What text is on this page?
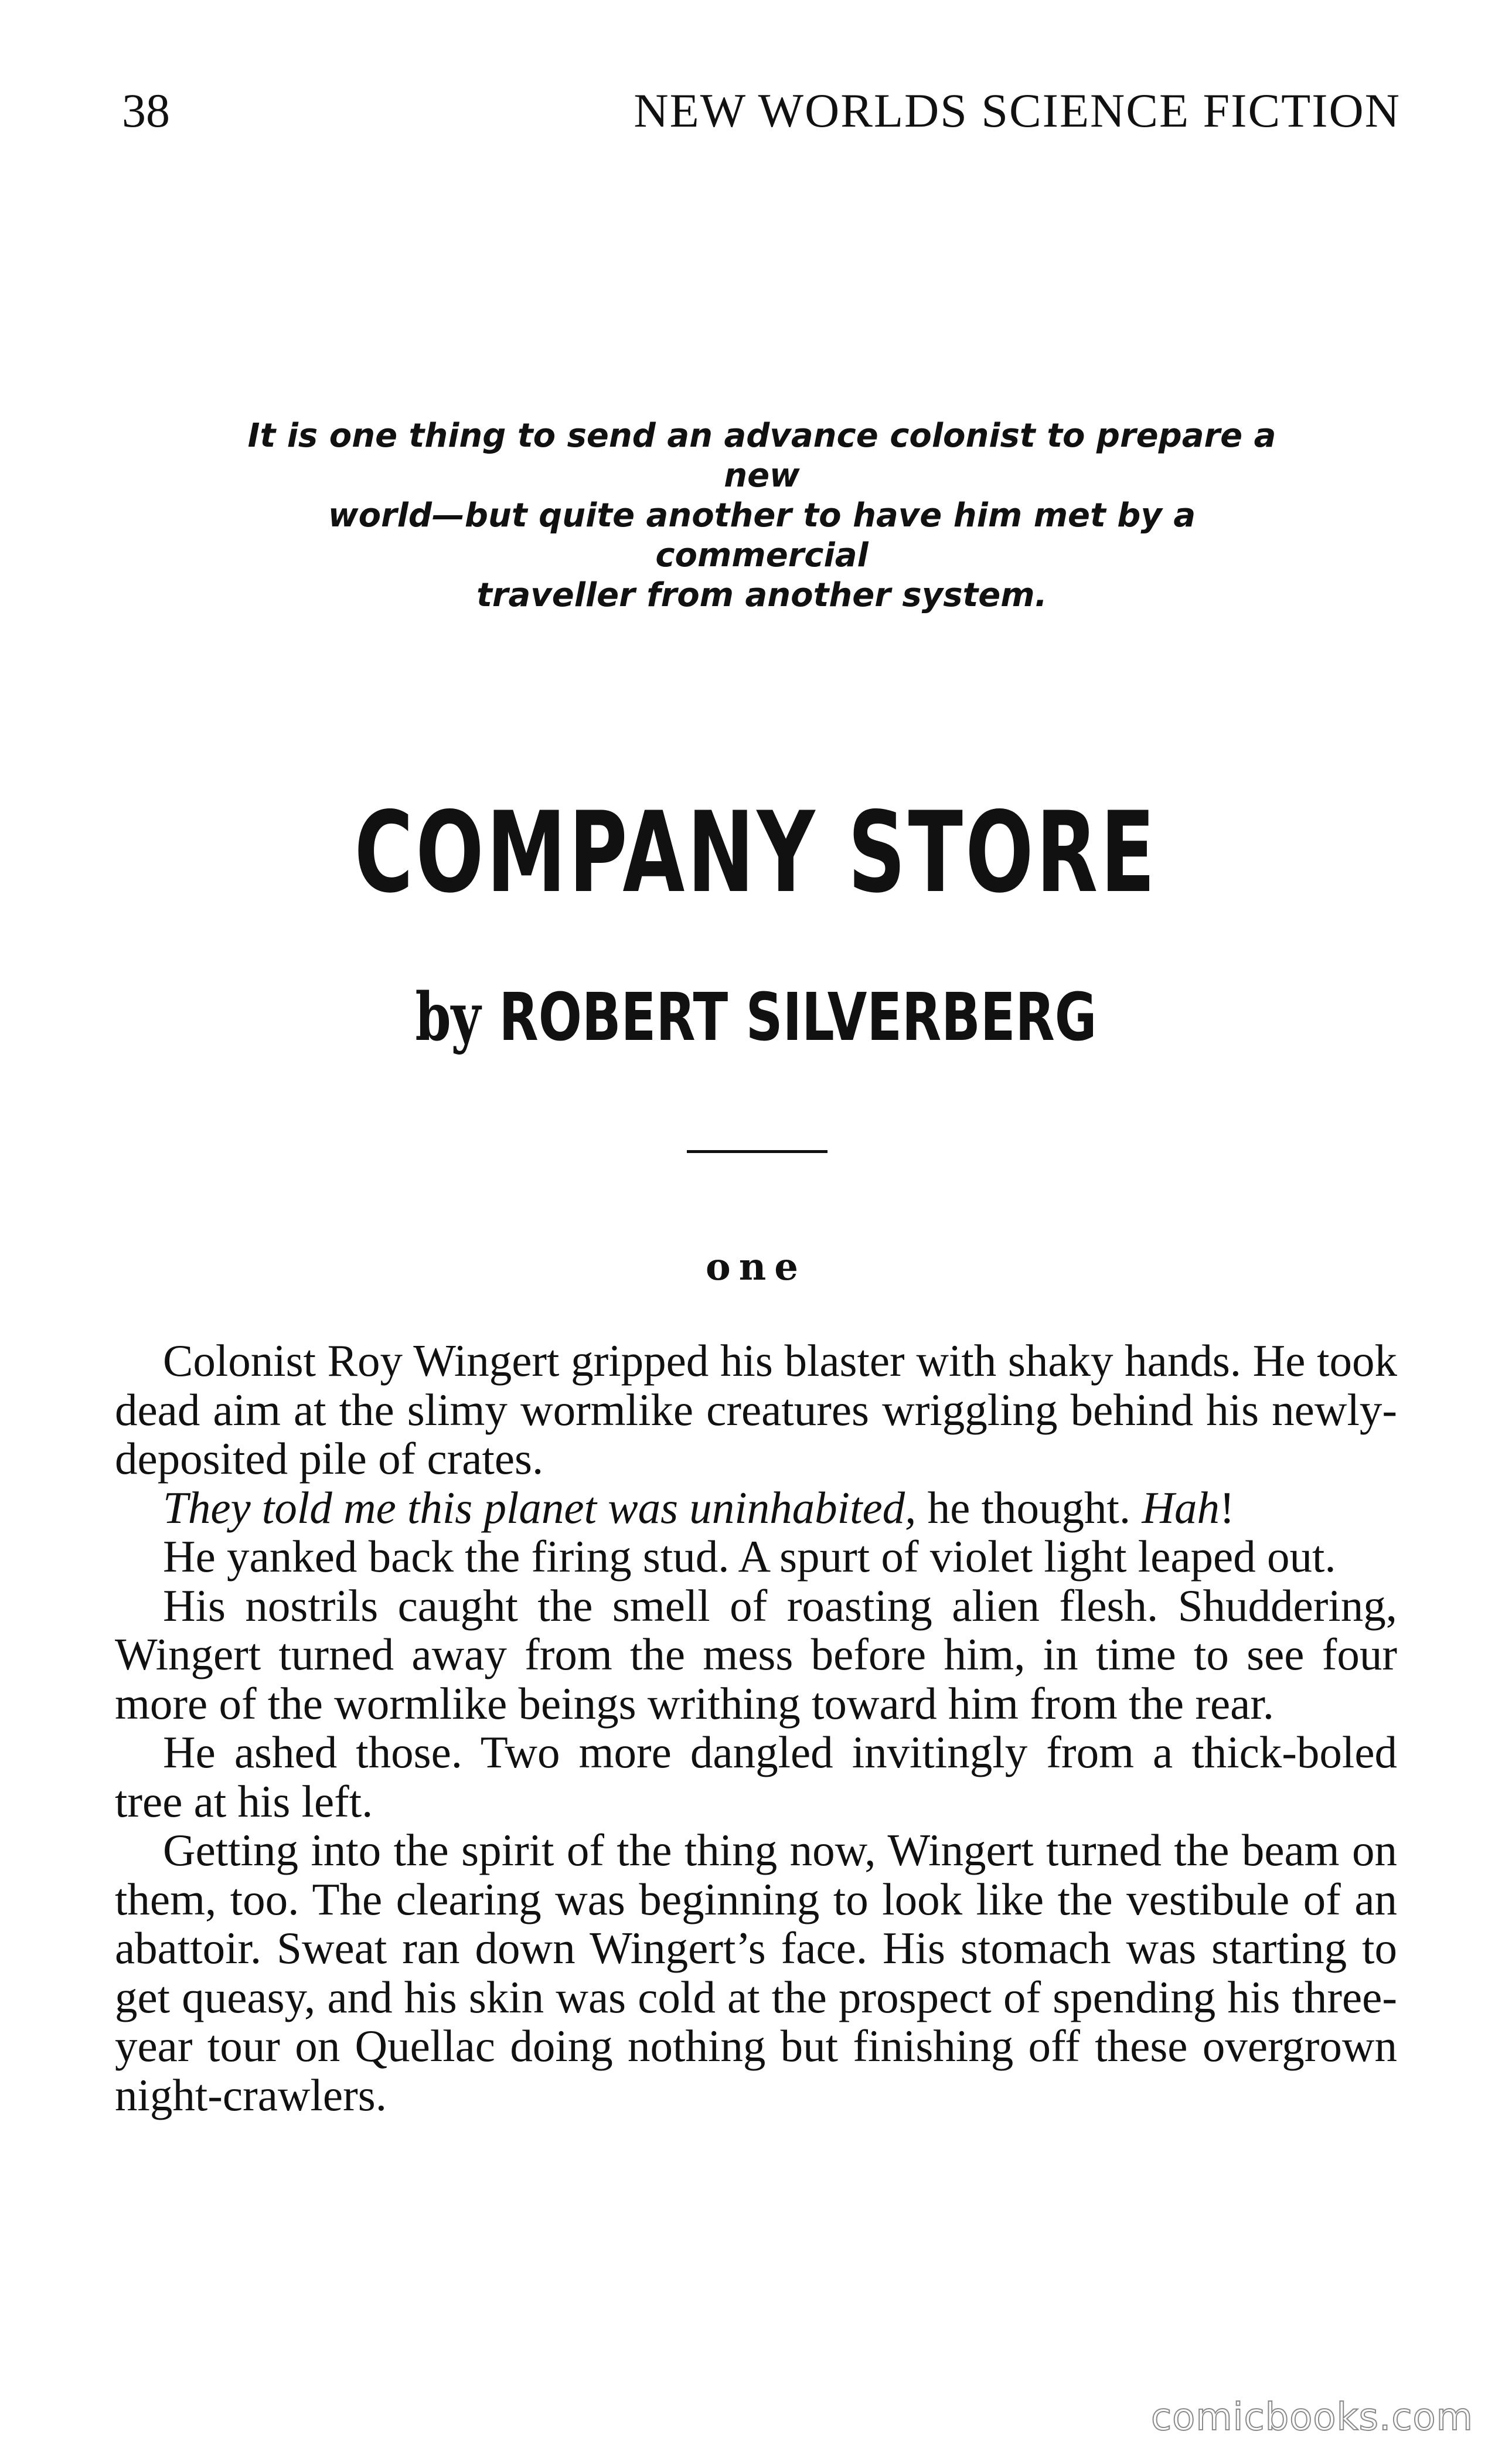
38	NEW WORLDS SCIENCE FICTION
It is one thing to send an advance colonist to prepare a new
world—but quite another to have him met by a commercial
traveller from another system.
COMPANY STORE
by ROBERT SILVERBERG
one

Colonist Roy Wingert gripped his blaster with shaky hands. He took dead aim at the slimy wormlike creatures wriggling behind his newly-deposited pile of crates.

They told me this planet was uninhabited, he thought. Hah!

He yanked back the firing stud. A spurt of violet light leaped out.

His nostrils caught the smell of roasting alien flesh. Shuddering, Wingert turned away from the mess before him, in time to see four more of the wormlike beings writhing toward him from the rear.

He ashed those. Two more dangled invitingly from a thick-boled tree at his left.

Getting into the spirit of the thing now, Wingert turned the beam on them, too. The clearing was beginning to look like the vestibule of an abattoir. Sweat ran down Wingert’s face. His stomach was starting to get queasy, and his skin was cold at the prospect of spending his three-year tour on Quellac doing nothing but finishing off these overgrown night-crawlers.

comicbooks.com
